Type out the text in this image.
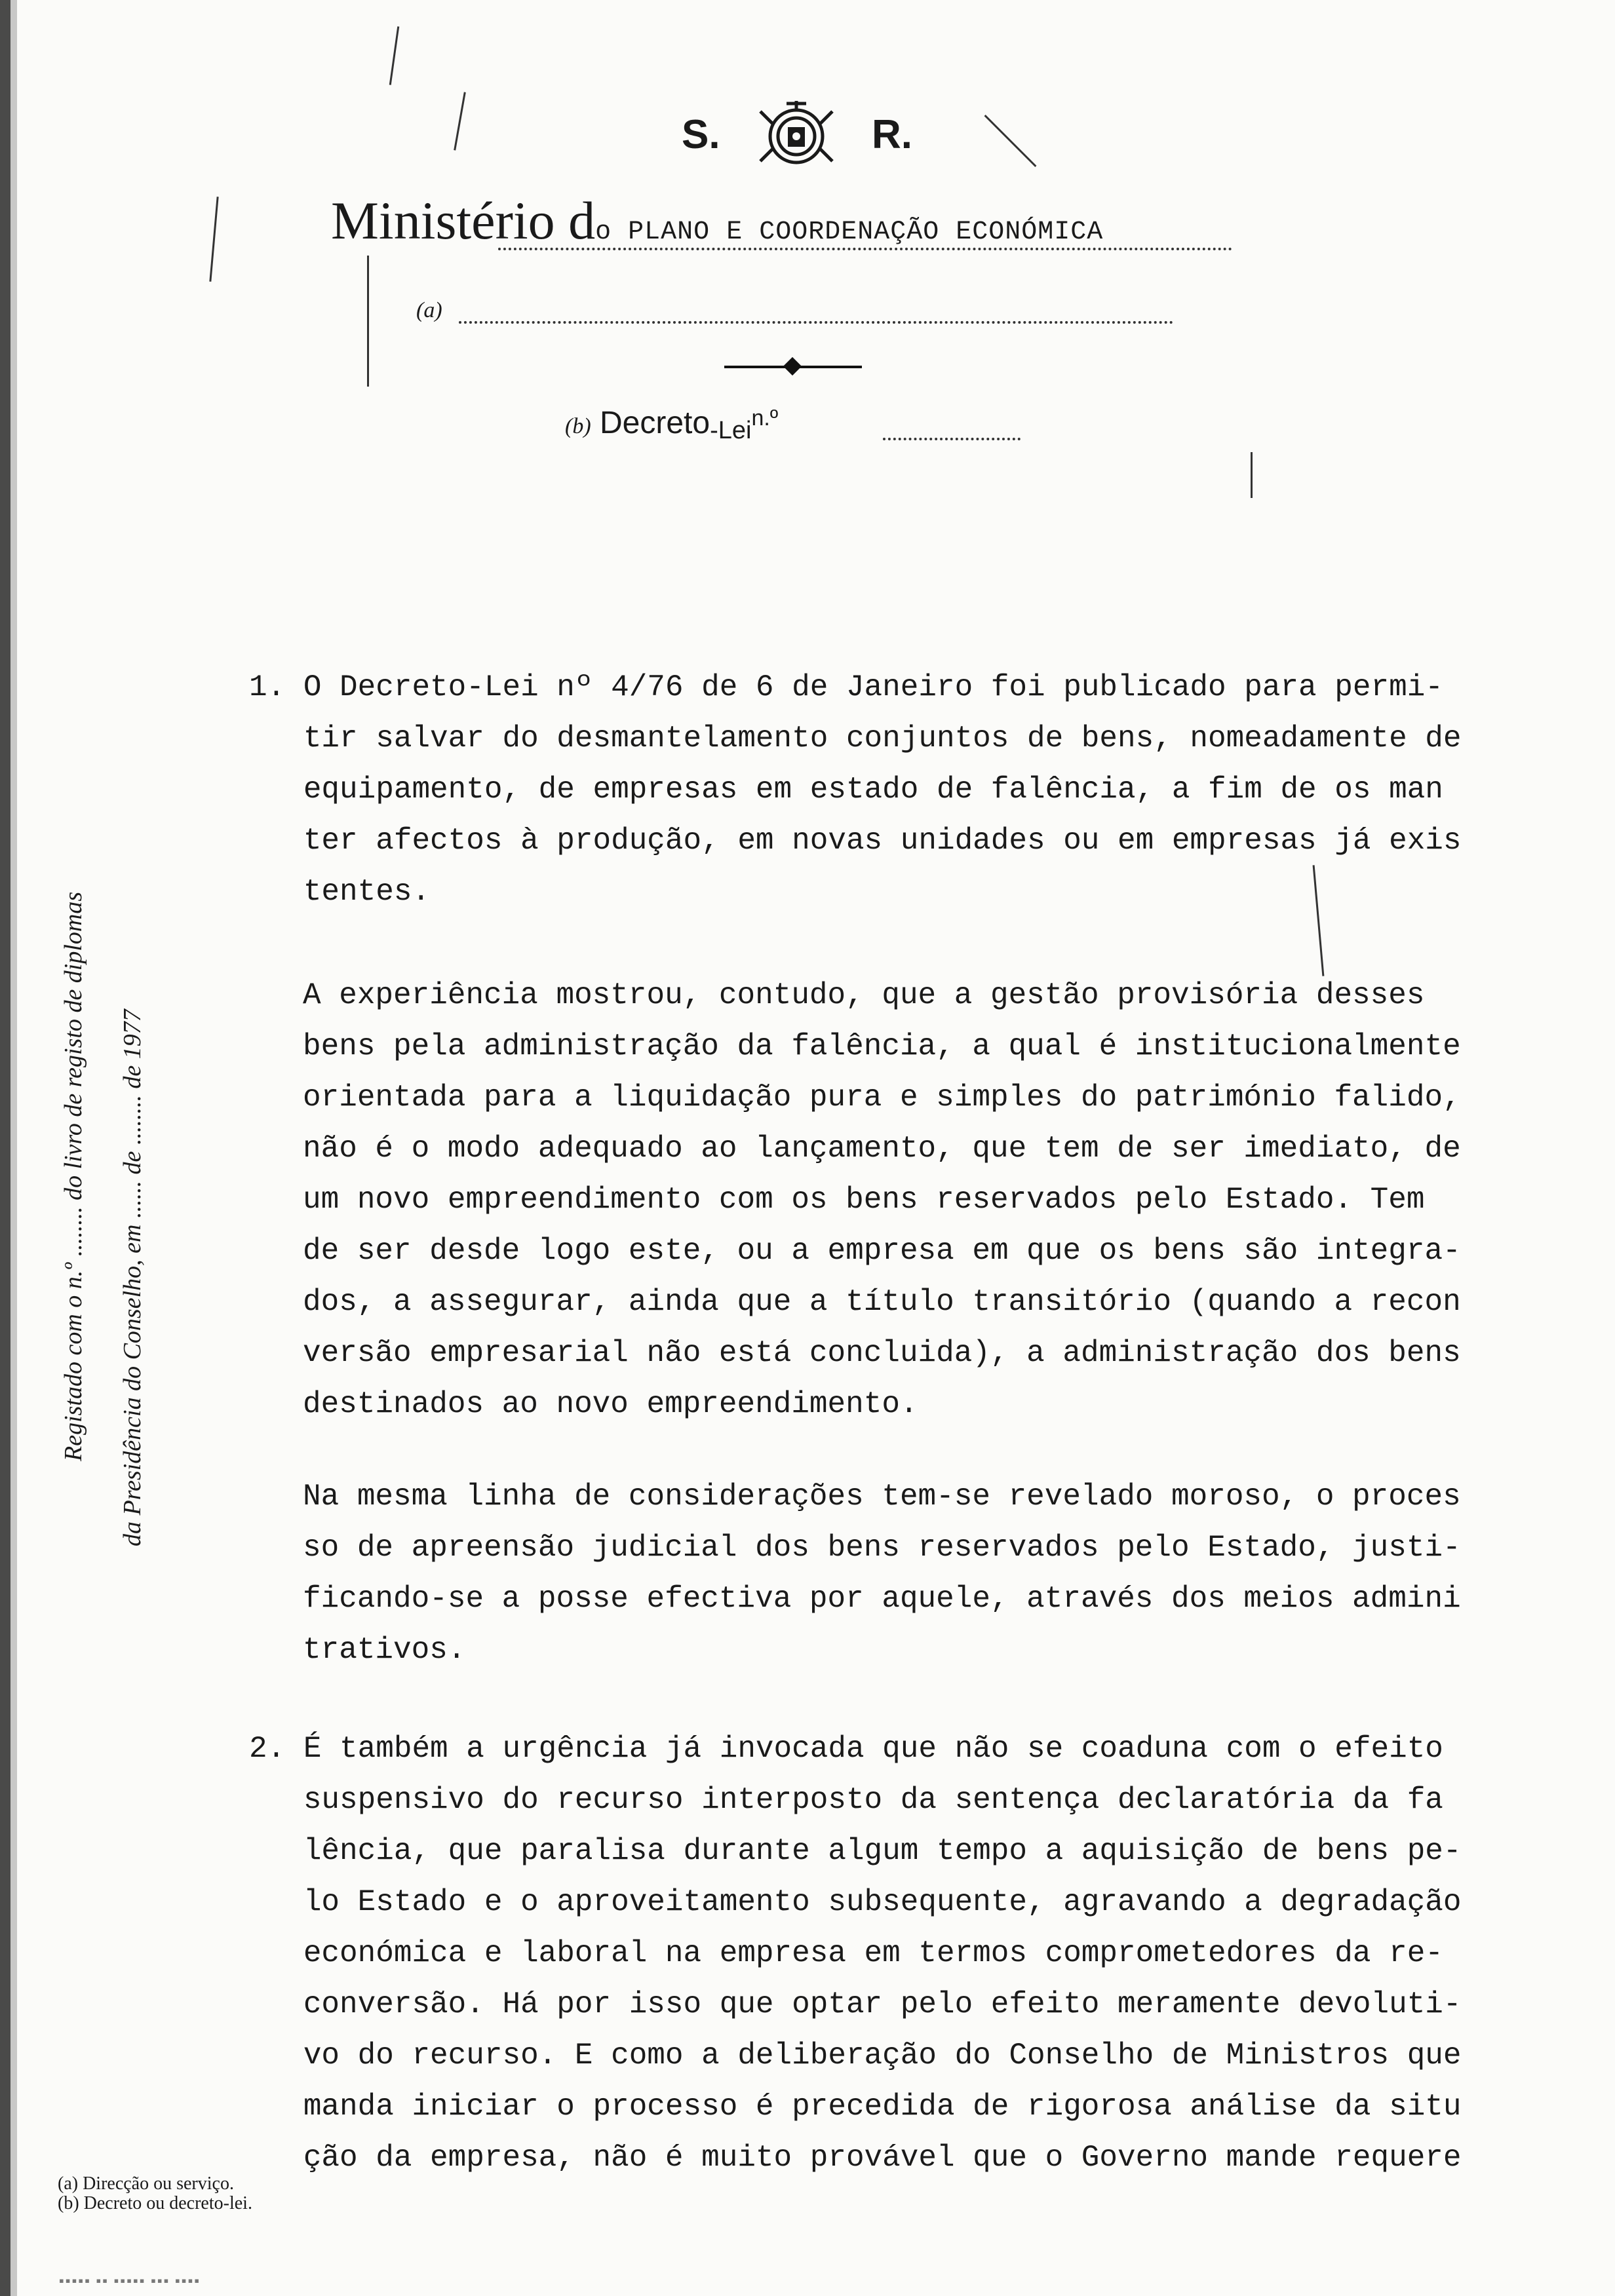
S.	R.
Ministério do PLANO E COORDENAÇÃO ECONÓMICA
(a)
(b) Decreto-Lei$^{n.º}$
Registado com o n.º ........ do livro de registo de diplomas da Presidência do Conselho, em ...... de ........ de 1977
1. O Decreto-Lei nº 4/76 de 6 de Janeiro foi publicado para permi-
tir salvar do desmantelamento conjuntos de bens, nomeadamente de
equipamento, de empresas em estado de falência, a fim de os man
ter afectos à produção, em novas unidades ou em empresas já exis
tentes.
A experiência mostrou, contudo, que a gestão provisória desses
bens pela administração da falência, a qual é institucionalmente
orientada para a liquidação pura e simples do património falido,
não é o modo adequado ao lançamento, que tem de ser imediato, de
um novo empreendimento com os bens reservados pelo Estado. Tem
de ser desde logo este, ou a empresa em que os bens são integra-
dos, a assegurar, ainda que a título transitório (quando a recon
versão empresarial não está concluida), a administração dos bens
destinados ao novo empreendimento.
Na mesma linha de considerações tem-se revelado moroso, o proces
so de apreensão judicial dos bens reservados pelo Estado, justi-
ficando-se a posse efectiva por aquele, através dos meios admini
trativos.
2. É também a urgência já invocada que não se coaduna com o efeito
suspensivo do recurso interposto da sentença declaratória da fa
lência, que paralisa durante algum tempo a aquisição de bens pe-
lo Estado e o aproveitamento subsequente, agravando a degradação
económica e laboral na empresa em termos comprometedores da re-
conversão. Há por isso que optar pelo efeito meramente devoluti-
vo do recurso. E como a deliberação do Conselho de Ministros que
manda iniciar o processo é precedida de rigorosa análise da situ
ção da empresa, não é muito provável que o Governo mande requere
(a) Direcção ou serviço.
(b) Decreto ou decreto-lei.
▪▪▪▪▪ ▪▪ ▪▪▪▪▪ ▪▪▪ ▪▪▪▪
